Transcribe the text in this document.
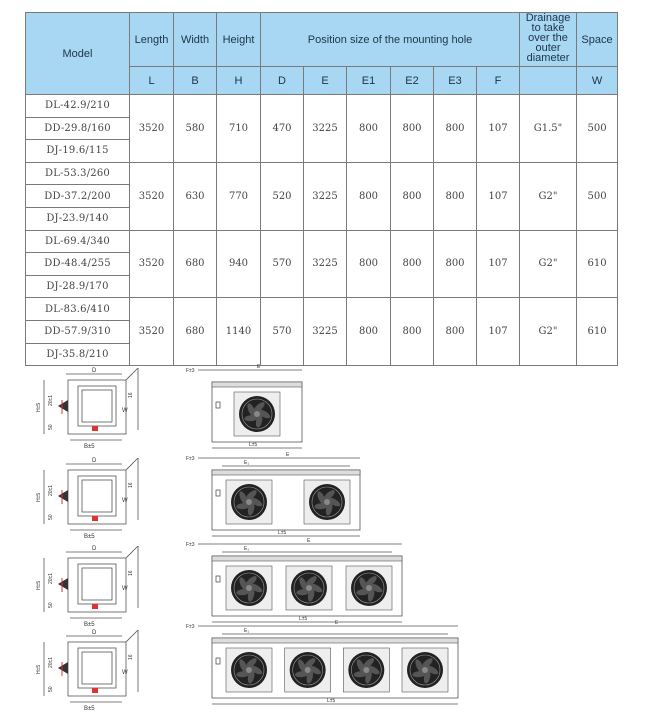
Model	Length	Width	Height	Position size of the mounting hole						Drainage to take over the outer diameter	Space
	L	B	H	D	E	E1	E2	E3	F		W
DL-42.9/210	3520	580	710	470	3225	800	800	800	107	G1.5"	500
DD-29.8/160											
DJ-19.6/115											
DL-53.3/260	3520	630	770	520	3225	800	800	800	107	G2"	500
DD-37.2/200											
DJ-23.9/140											
DL-69.4/340	3520	680	940	570	3225	800	800	800	107	G2"	610
DD-48.4/255											
DJ-28.9/170											
DL-83.6/410	3520	680	1140	570	3225	800	800	800	107	G2"	610
DD-57.9/310											
DJ-35.8/210											
D
H±5
20±1
50
16
W
B±5
D
H±5
20±1
50
16
W
B±5
D
H±5
20±1
50
16
W
B±5
D
H±5
20±1
50
16
W
B±5
F±3
E
L±5
F±3
E
E₁
L±5
F±3
E
E₁
L±5
F±3
E
E₁
L±5
